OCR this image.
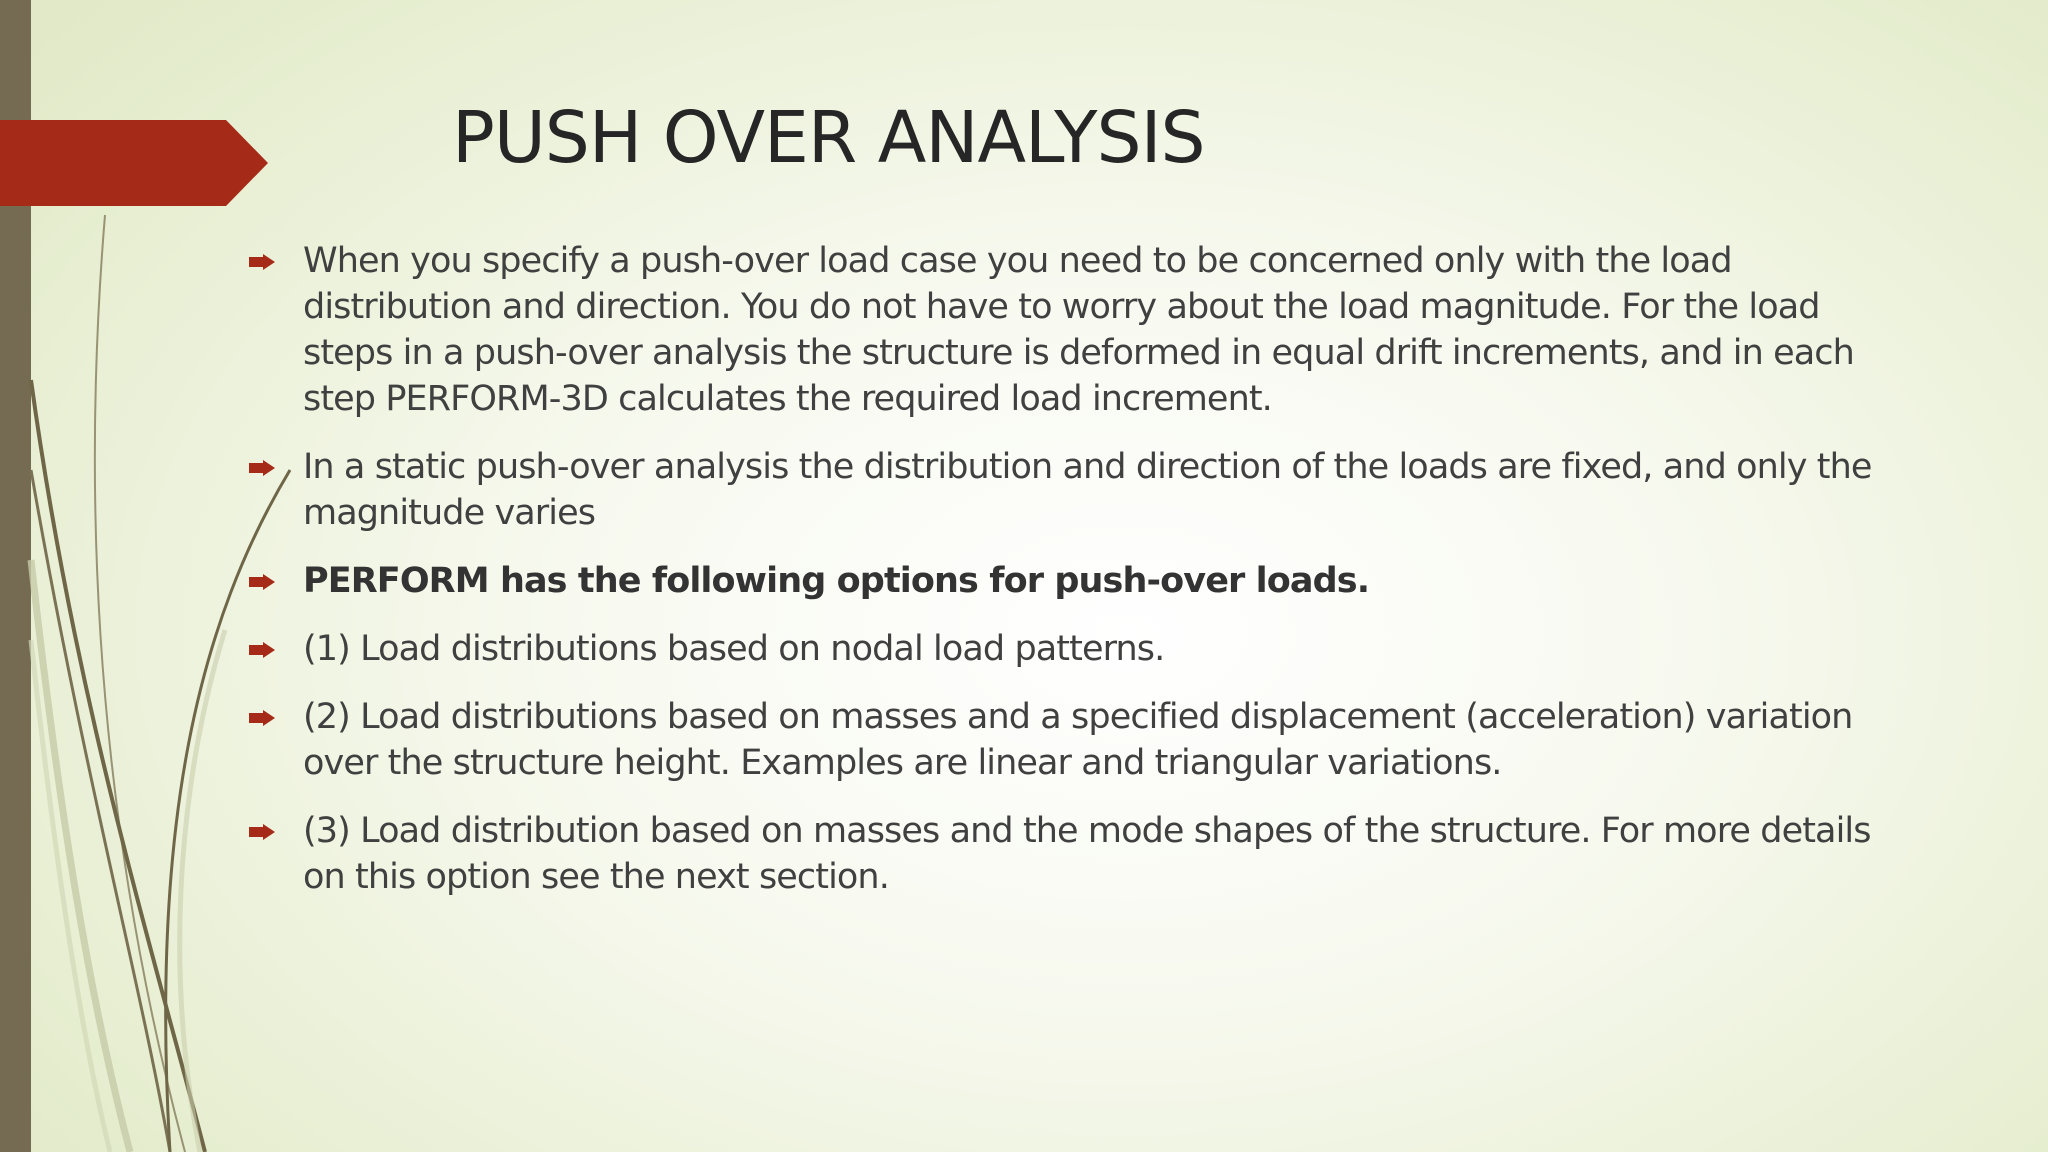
PUSH OVER ANALYSIS
When you specify a push-over load case you need to be concerned only with the load distribution and direction. You do not have to worry about the load magnitude. For the load steps in a push-over analysis the structure is deformed in equal drift increments, and in each step PERFORM-3D calculates the required load increment.
In a static push-over analysis the distribution and direction of the loads are fixed, and only the magnitude varies
PERFORM has the following options for push-over loads.
(1) Load distributions based on nodal load patterns.
(2) Load distributions based on masses and a specified displacement (acceleration) variation over the structure height. Examples are linear and triangular variations.
(3) Load distribution based on masses and the mode shapes of the structure. For more details on this option see the next section.
